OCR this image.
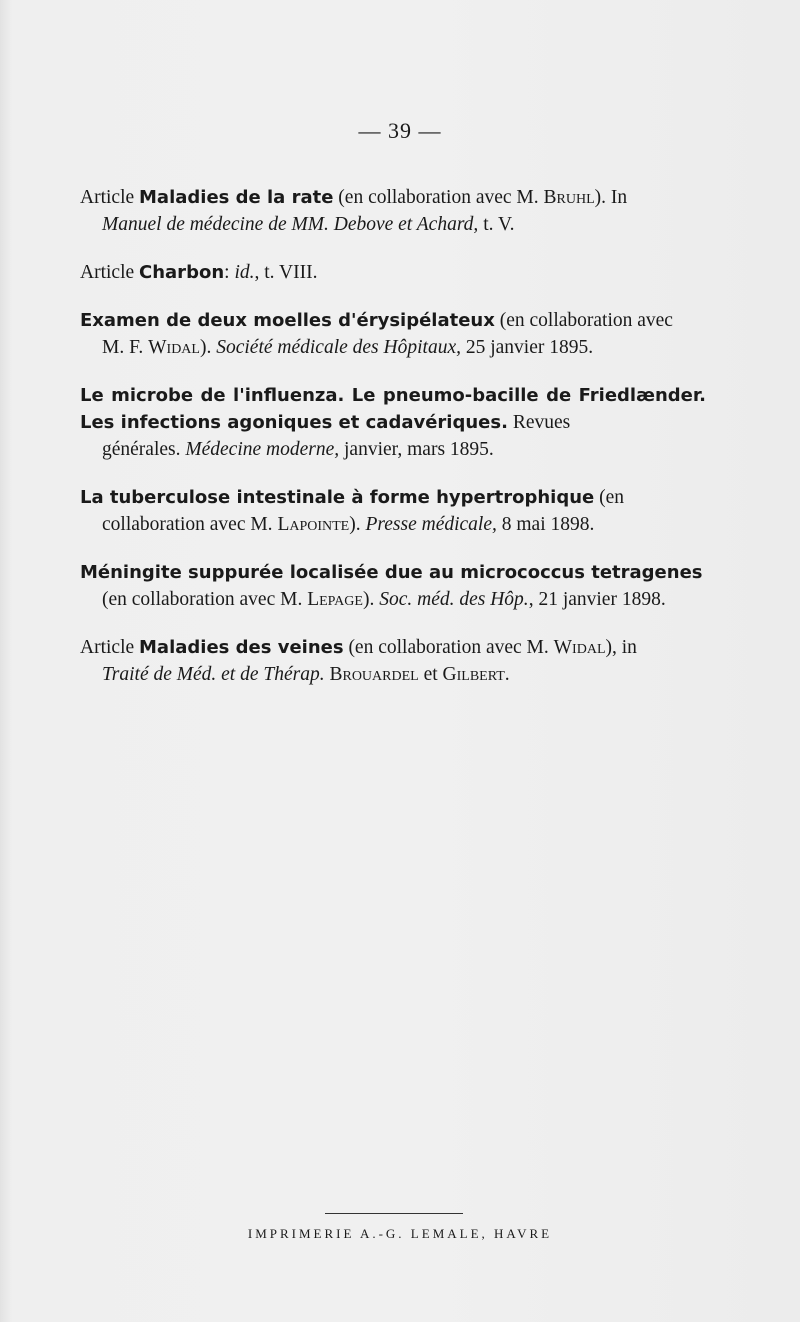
— 39 —
Article Maladies de la rate (en collaboration avec M. Bruhl). In
Manuel de médecine de MM. Debove et Achard, t. V.
Article Charbon: id., t. VIII.
Examen de deux moelles d'érysipélateux (en collaboration avec
M. F. Widal). Société médicale des Hôpitaux, 25 janvier 1895.
Le microbe de l'influenza. Le pneumo-bacille de Friedlænder. Les infections agoniques et cadavériques. Revues
générales. Médecine moderne, janvier, mars 1895.
La tuberculose intestinale à forme hypertrophique (en
collaboration avec M. Lapointe). Presse médicale, 8 mai 1898.
Méningite suppurée localisée due au micrococcus tetragenes
(en collaboration avec M. Lepage). Soc. méd. des Hôp., 21 janvier 1898.
Article Maladies des veines (en collaboration avec M. Widal), in
Traité de Méd. et de Thérap. Brouardel et Gilbert.
IMPRIMERIE A.-G. LEMALE, HAVRE
